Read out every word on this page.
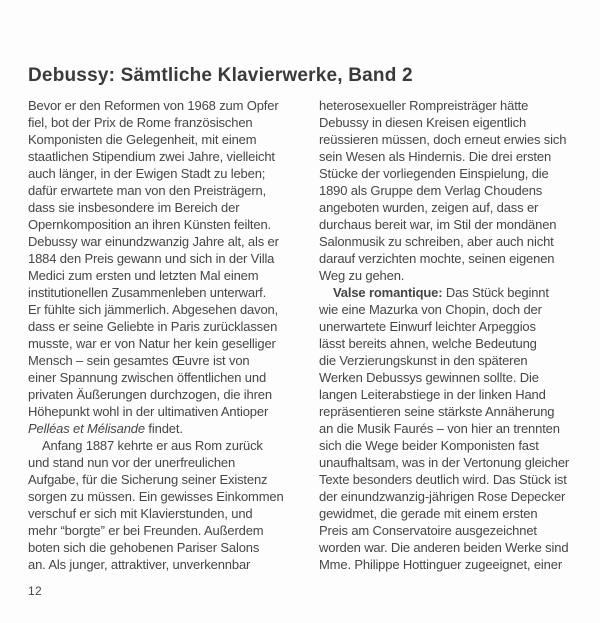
Debussy: Sämtliche Klavierwerke, Band 2
Bevor er den Reformen von 1968 zum Opfer
fiel, bot der Prix de Rome französischen
Komponisten die Gelegenheit, mit einem
staatlichen Stipendium zwei Jahre, vielleicht
auch länger, in der Ewigen Stadt zu leben;
dafür erwartete man von den Preisträgern,
dass sie insbesondere im Bereich der
Opernkomposition an ihren Künsten feilten.
Debussy war einundzwanzig Jahre alt, als er
1884 den Preis gewann und sich in der Villa
Medici zum ersten und letzten Mal einem
institutionellen Zusammenleben unterwarf.
Er fühlte sich jämmerlich. Abgesehen davon,
dass er seine Geliebte in Paris zurücklassen
musste, war er von Natur her kein geselliger
Mensch – sein gesamtes Œuvre ist von
einer Spannung zwischen öffentlichen und
privaten Äußerungen durchzogen, die ihren
Höhepunkt wohl in der ultimativen Antioper
Pelléas et Mélisande findet.
Anfang 1887 kehrte er aus Rom zurück
und stand nun vor der unerfreulichen
Aufgabe, für die Sicherung seiner Existenz
sorgen zu müssen. Ein gewisses Einkommen
verschuf er sich mit Klavierstunden, und
mehr “borgte” er bei Freunden. Außerdem
boten sich die gehobenen Pariser Salons
an. Als junger, attraktiver, unverkennbar
heterosexueller Rompreisträger hätte
Debussy in diesen Kreisen eigentlich
reüssieren müssen, doch erneut erwies sich
sein Wesen als Hindernis. Die drei ersten
Stücke der vorliegenden Einspielung, die
1890 als Gruppe dem Verlag Choudens
angeboten wurden, zeigen auf, dass er
durchaus bereit war, im Stil der mondänen
Salonmusik zu schreiben, aber auch nicht
darauf verzichten mochte, seinen eigenen
Weg zu gehen.
Valse romantique: Das Stück beginnt
wie eine Mazurka von Chopin, doch der
unerwartete Einwurf leichter Arpeggios
lässt bereits ahnen, welche Bedeutung
die Verzierungskunst in den späteren
Werken Debussys gewinnen sollte. Die
langen Leiterabstiege in der linken Hand
repräsentieren seine stärkste Annäherung
an die Musik Faurés – von hier an trennten
sich die Wege beider Komponisten fast
unaufhaltsam, was in der Vertonung gleicher
Texte besonders deutlich wird. Das Stück ist
der einundzwanzig-jährigen Rose Depecker
gewidmet, die gerade mit einem ersten
Preis am Conservatoire ausgezeichnet
worden war. Die anderen beiden Werke sind
Mme. Philippe Hottinguer zugeeignet, einer
12
